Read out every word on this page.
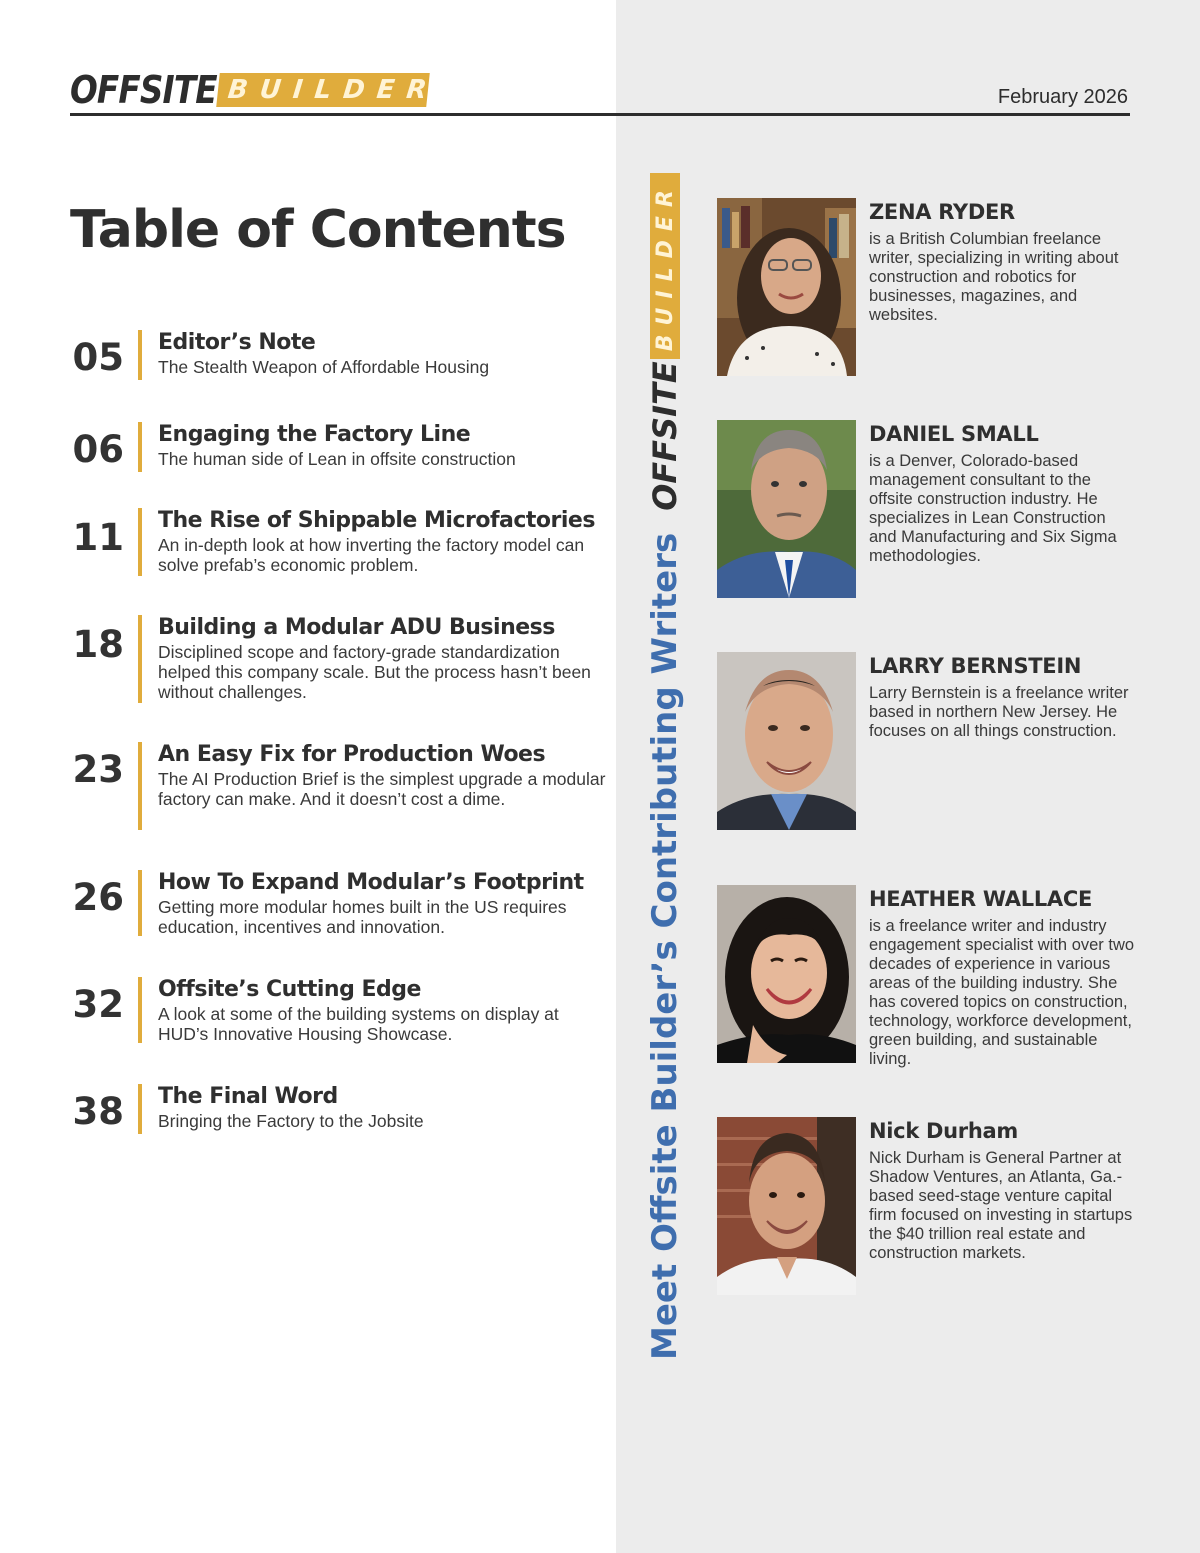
OFFSITE BUILDER	February 2026
Table of Contents
05 Editor’s Note
The Stealth Weapon of Affordable Housing
06 Engaging the Factory Line
The human side of Lean in offsite construction
11 The Rise of Shippable Microfactories
An in-depth look at how inverting the factory model can solve prefab’s economic problem.
18 Building a Modular ADU Business
Disciplined scope and factory-grade standardization helped this company scale. But the process hasn’t been without challenges.
23 An Easy Fix for Production Woes
The AI Production Brief is the simplest upgrade a modular factory can make. And it doesn’t cost a dime.
26 How To Expand Modular’s Footprint
Getting more modular homes built in the US requires education, incentives and innovation.
32 Offsite’s Cutting Edge
A look at some of the building systems on display at HUD’s Innovative Housing Showcase.
38 The Final Word
Bringing the Factory to the Jobsite	Meet Offsite Builder’s Contributing Writers
OFFSITE
BUILDER	ZENA RYDER
is a British Columbian freelance writer, specializing in writing about construction and robotics for businesses, magazines, and websites.
DANIEL SMALL
is a Denver, Colorado-based management consultant to the offsite construction industry. He specializes in Lean Construction and Manufacturing and Six Sigma methodologies.
LARRY BERNSTEIN
Larry Bernstein is a freelance writer based in northern New Jersey. He focuses on all things construction.
HEATHER WALLACE
is a freelance writer and industry engagement specialist with over two decades of experience in various areas of the building industry. She has covered topics on construction, technology, workforce development, green building, and sustainable living.
Nick Durham
Nick Durham is General Partner at Shadow Ventures, an Atlanta, Ga.-based seed-stage venture capital firm focused on investing in startups the $40 trillion real estate and construction markets.
